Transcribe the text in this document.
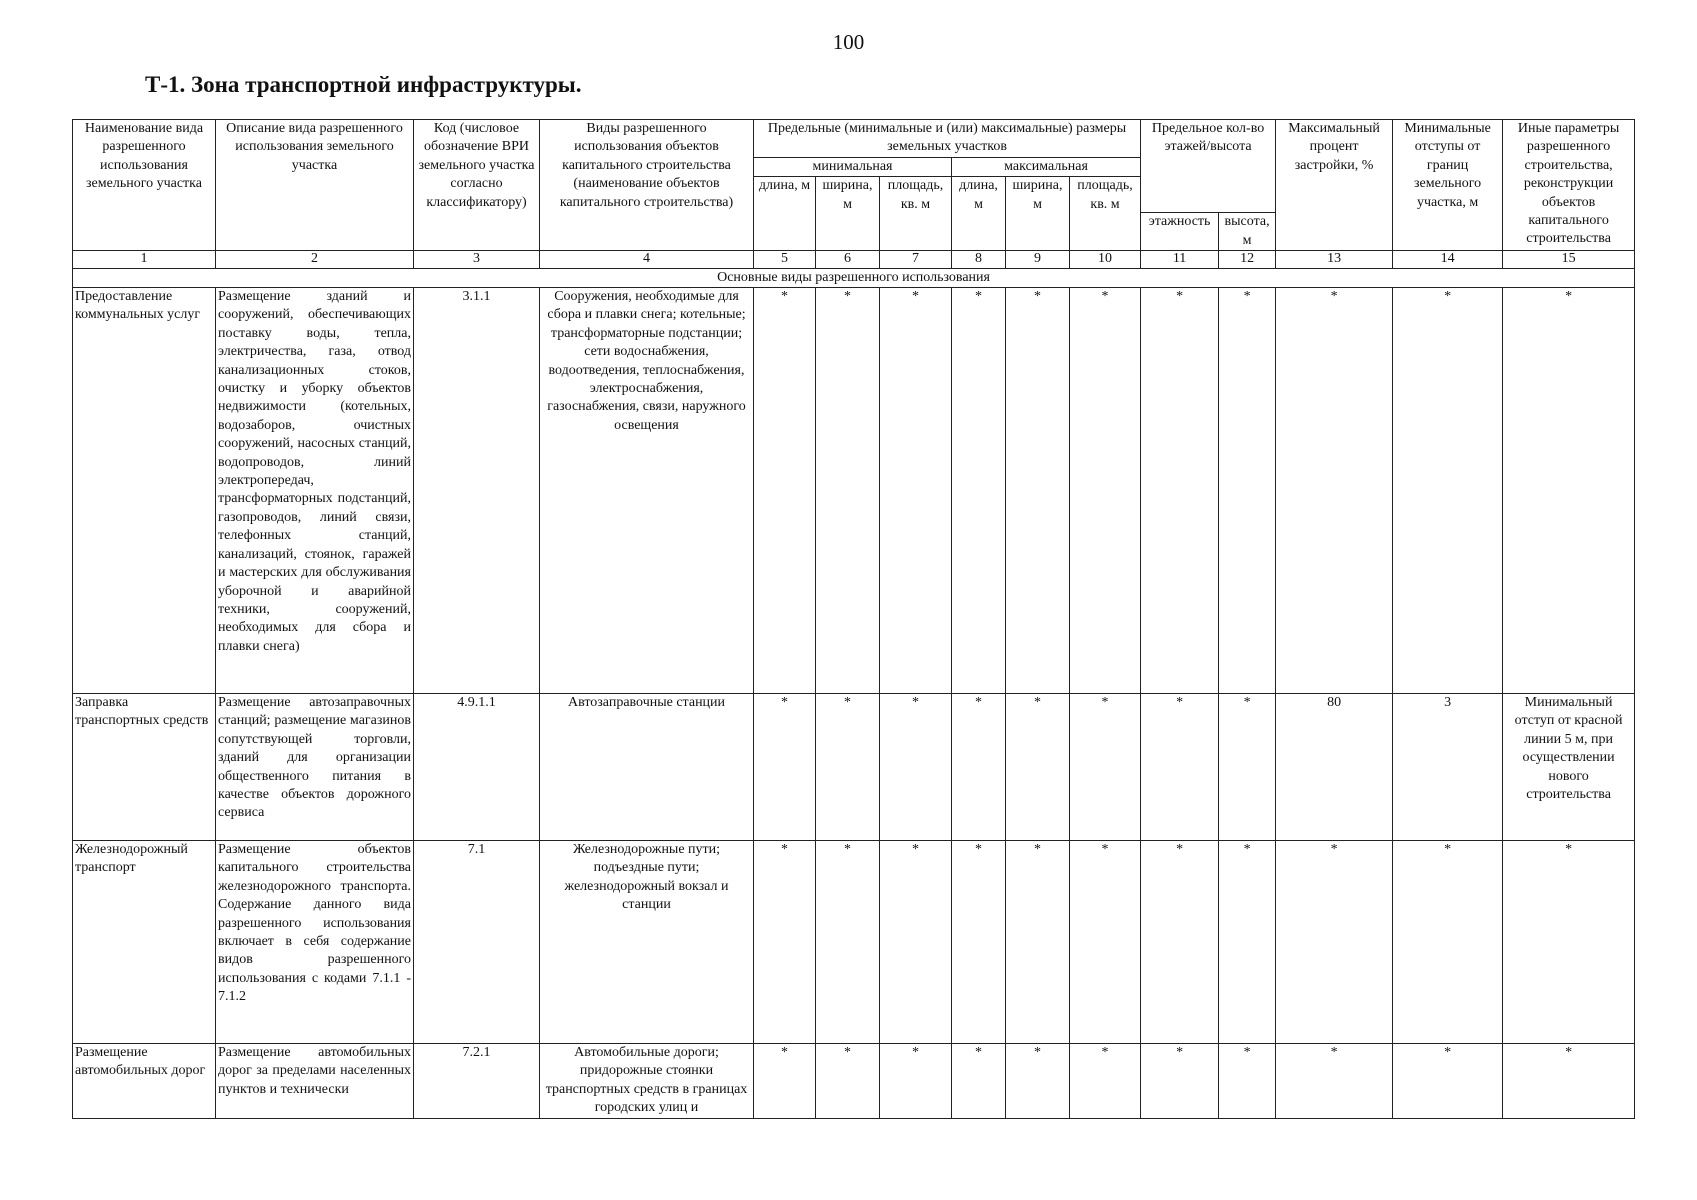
100
Т-1. Зона транспортной инфраструктуры.
Наименование вида разрешенного использования земельного участка	Описание вида разрешенного использования земельного участка	Код (числовое обозначение ВРИ земельного участка согласно классификатору)	Виды разрешенного использования объектов капитального строительства (наименование объектов капитального строительства)	Предельные (минимальные и (или) максимальные) размеры земельных участков						Предельное кол-во этажей/высота		Максимальный процент застройки, %	Минимальные отступы от границ земельного участка, м	Иные параметры разрешенного строительства, реконструкции объектов капитального строительства
				минимальная			максимальная							
				длина, м	ширина, м	площадь, кв. м	длина, м	ширина, м	площадь, кв. м					
										этажность	высота, м			
1	2	3	4	5	6	7	8	9	10	11	12	13	14	15
Основные виды разрешенного использования														
Предоставление коммунальных услуг	Размещение зданий и сооружений, обеспечивающих поставку воды, тепла, электричества, газа, отвод канализационных стоков, очистку и уборку объектов недвижимости (котельных, водозаборов, очистных сооружений, насосных станций, водопроводов, линий электропередач, трансформаторных подстанций, газопроводов, линий связи, телефонных станций, канализаций, стоянок, гаражей и мастерских для обслуживания уборочной и аварийной техники, сооружений, необходимых для сбора и плавки снега)	3.1.1	Сооружения, необходимые для сбора и плавки снега; котельные; трансформаторные подстанции; сети водоснабжения, водоотведения, теплоснабжения, электроснабжения, газоснабжения, связи, наружного освещения	*	*	*	*	*	*	*	*	*	*	*
Заправка транспортных средств	Размещение автозаправочных станций; размещение магазинов сопутствующей торговли, зданий для организации общественного питания в качестве объектов дорожного сервиса	4.9.1.1	Автозаправочные станции	*	*	*	*	*	*	*	*	80	3	Минимальный отступ от красной линии 5 м, при осуществлении нового строительства
Железнодорожный транспорт	Размещение объектов капитального строительства железнодорожного транспорта. Содержание данного вида разрешенного использования включает в себя содержание видов разрешенного использования с кодами 7.1.1 - 7.1.2	7.1	Железнодорожные пути; подъездные пути; железнодорожный вокзал и станции	*	*	*	*	*	*	*	*	*	*	*
Размещение автомобильных дорог	Размещение автомобильных дорог за пределами населенных пунктов и технически	7.2.1	Автомобильные дороги; придорожные стоянки транспортных средств в границах городских улиц и	*	*	*	*	*	*	*	*	*	*	*
